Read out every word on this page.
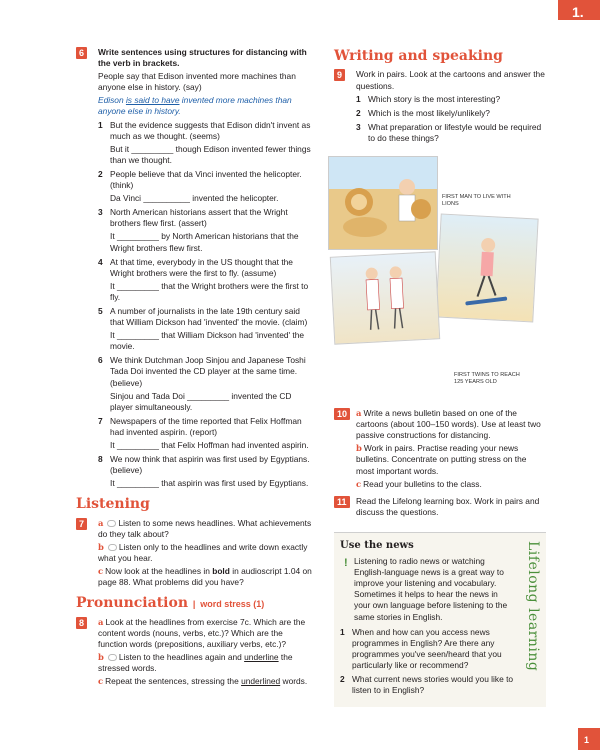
1.
6	Write sentences using structures for distancing with the verb in brackets.

People say that Edison invented more machines than anyone else in history. (say)

Edison is said to have invented more machines than anyone else in history.

1 But the evidence suggests that Edison didn't invent as much as we thought. (seems)

But it _________ though Edison invented fewer things than we thought.

2 People believe that da Vinci invented the helicopter. (think)

Da Vinci __________ invented the helicopter.

3 North American historians assert that the Wright brothers flew first. (assert)

It _________ by North American historians that the Wright brothers flew first.

4 At that time, everybody in the US thought that the Wright brothers were the first to fly. (assume)

It _________ that the Wright brothers were the first to fly.

5 A number of journalists in the late 19th century said that William Dickson had 'invented' the movie. (claim)

It _________ that William Dickson had 'invented' the movie.

6 We think Dutchman Joop Sinjou and Japanese Toshi Tada Doi invented the CD player at the same time. (believe)

Sinjou and Tada Doi _________ invented the CD player simultaneously.

7 Newspapers of the time reported that Felix Hoffman had invented aspirin. (report)

It _________ that Felix Hoffman had invented aspirin.

8 We now think that aspirin was first used by Egyptians. (believe)

It _________ that aspirin was first used by Egyptians.

Listening
7	a Listen to some news headlines. What achievements do they talk about?

b Listen only to the headlines and write down exactly what you hear.

c Now look at the headlines in bold in audioscript 1.04 on page 88. What problems did you have?

Pronunciation | word stress (1)
8	a Look at the headlines from exercise 7c. Which are the content words (nouns, verbs, etc.)? Which are the function words (prepositions, auxiliary verbs, etc.)?

b Listen to the headlines again and underline the stressed words.

c Repeat the sentences, stressing the underlined words.

Writing and speaking
9	Work in pairs. Look at the cartoons and answer the questions.

1 Which story is the most interesting?
2 Which is the most likely/unlikely?
3 What preparation or lifestyle would be required to do these things?
FIRST MAN TO LIVE WITH LIONS
FIRST TWINS TO REACH 125 YEARS OLD
10	a Write a news bulletin based on one of the cartoons (about 100–150 words). Use at least two passive constructions for distancing.

b Work in pairs. Practise reading your news bulletins. Concentrate on putting stress on the most important words.

c Read your bulletins to the class.

11	Read the Lifelong learning box. Work in pairs and discuss the questions.

Lifelong learning
Use the news
! Listening to radio news or watching English-language news is a great way to improve your listening and vocabulary. Sometimes it helps to hear the news in your own language before listening to the same stories in English.

1 When and how can you access news programmes in English? Are there any programmes you've seen/heard that you particularly like or recommend?
2 What current news stories would you like to listen to in English?
1
